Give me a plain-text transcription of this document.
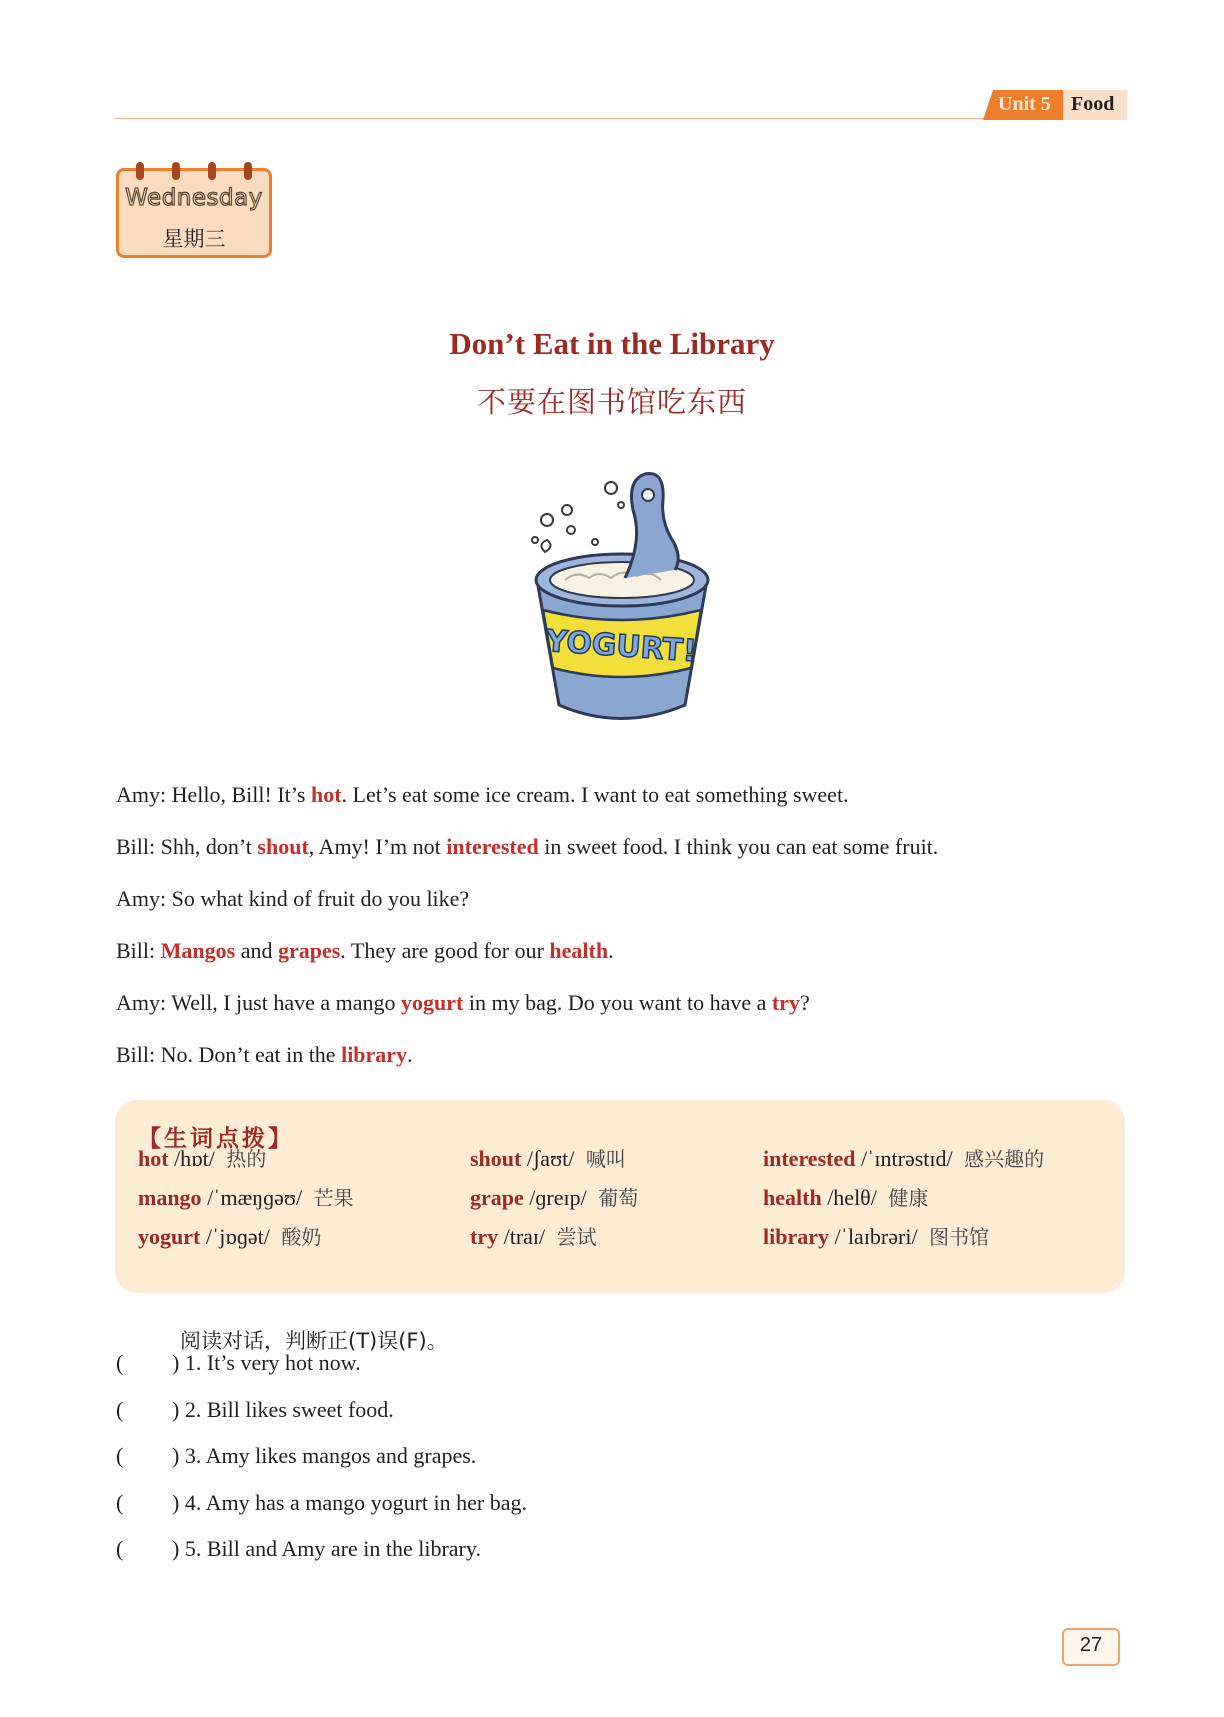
Unit 5 Food
Wednesday
星期三
Don’t Eat in the Library
不要在图书馆吃东西
YOGURT!
Amy: Hello, Bill! It’s hot. Let’s eat some ice cream. I want to eat something sweet.
Bill: Shh, don’t shout, Amy! I’m not interested in sweet food. I think you can eat some fruit.
Amy: So what kind of fruit do you like?
Bill: Mangos and grapes. They are good for our health.
Amy: Well, I just have a mango yogurt in my bag. Do you want to have a try?
Bill: No. Don’t eat in the library.
【生词点拨】
hot /hɒt/ 热的	shout /ʃaʊt/ 喊叫	interested /ˈɪntrəstɪd/ 感兴趣的
mango /ˈmæŋɡəʊ/ 芒果	grape /ɡreɪp/ 葡萄	health /helθ/ 健康
yogurt /ˈjɒɡət/ 酸奶	try /traɪ/ 尝试	library /ˈlaɪbrəri/ 图书馆
阅读对话，判断正(T)误(F)。
( ) 1. It’s very hot now.
( ) 2. Bill likes sweet food.
( ) 3. Amy likes mangos and grapes.
( ) 4. Amy has a mango yogurt in her bag.
( ) 5. Bill and Amy are in the library.
27
